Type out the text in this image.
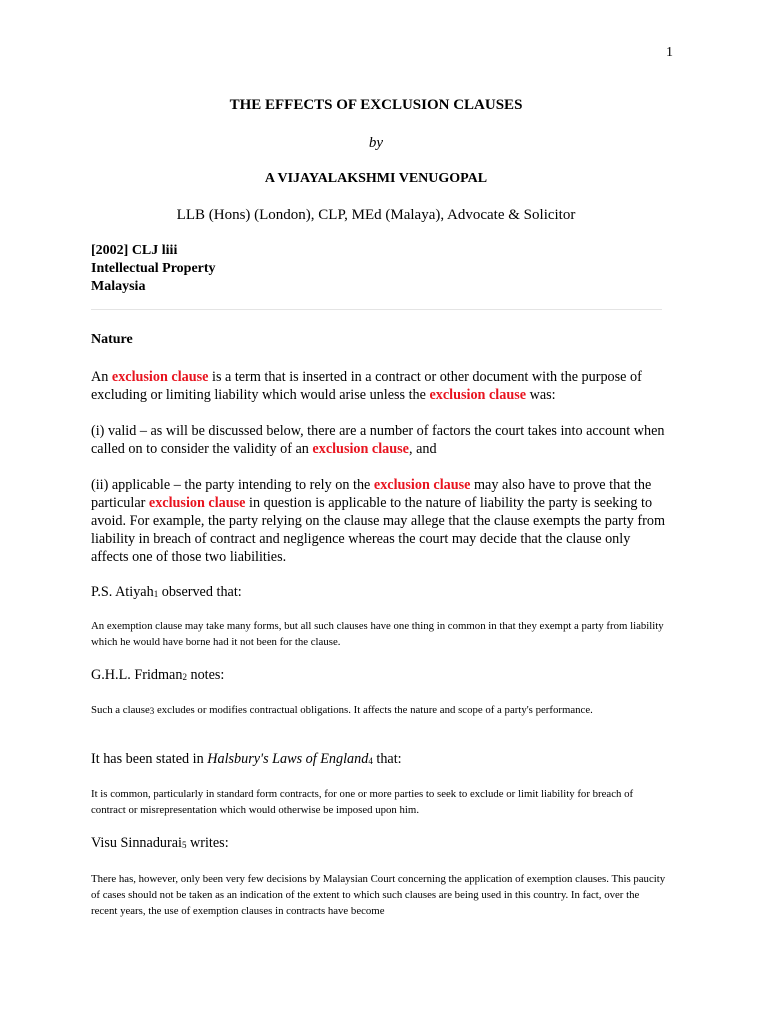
1
THE EFFECTS OF EXCLUSION CLAUSES
by
A VIJAYALAKSHMI VENUGOPAL
LLB (Hons) (London), CLP, MEd (Malaya), Advocate & Solicitor
[2002] CLJ liii
Intellectual Property
Malaysia
Nature

An exclusion clause is a term that is inserted in a contract or other document with the purpose of excluding or limiting liability which would arise unless the exclusion clause was:

(i) valid – as will be discussed below, there are a number of factors the court takes into account when called on to consider the validity of an exclusion clause, and

(ii) applicable – the party intending to rely on the exclusion clause may also have to prove that the particular exclusion clause in question is applicable to the nature of liability the party is seeking to avoid. For example, the party relying on the clause may allege that the clause exempts the party from liability in breach of contract and negligence whereas the court may decide that the clause only affects one of those two liabilities.

P.S. Atiyah$_1$ observed that:

An exemption clause may take many forms, but all such clauses have one thing in common in that they exempt a party from liability which he would have borne had it not been for the clause.

G.H.L. Fridman$_2$ notes:

Such a clause$_3$ excludes or modifies contractual obligations. It affects the nature and scope of a party's performance.

It has been stated in Halsbury's Laws of England$_4$ that:

It is common, particularly in standard form contracts, for one or more parties to seek to exclude or limit liability for breach of contract or misrepresentation which would otherwise be imposed upon him.

Visu Sinnadurai$_5$ writes:

There has, however, only been very few decisions by Malaysian Court concerning the application of exemption clauses. This paucity of cases should not be taken as an indication of the extent to which such clauses are being used in this country. In fact, over the recent years, the use of exemption clauses in contracts have become
